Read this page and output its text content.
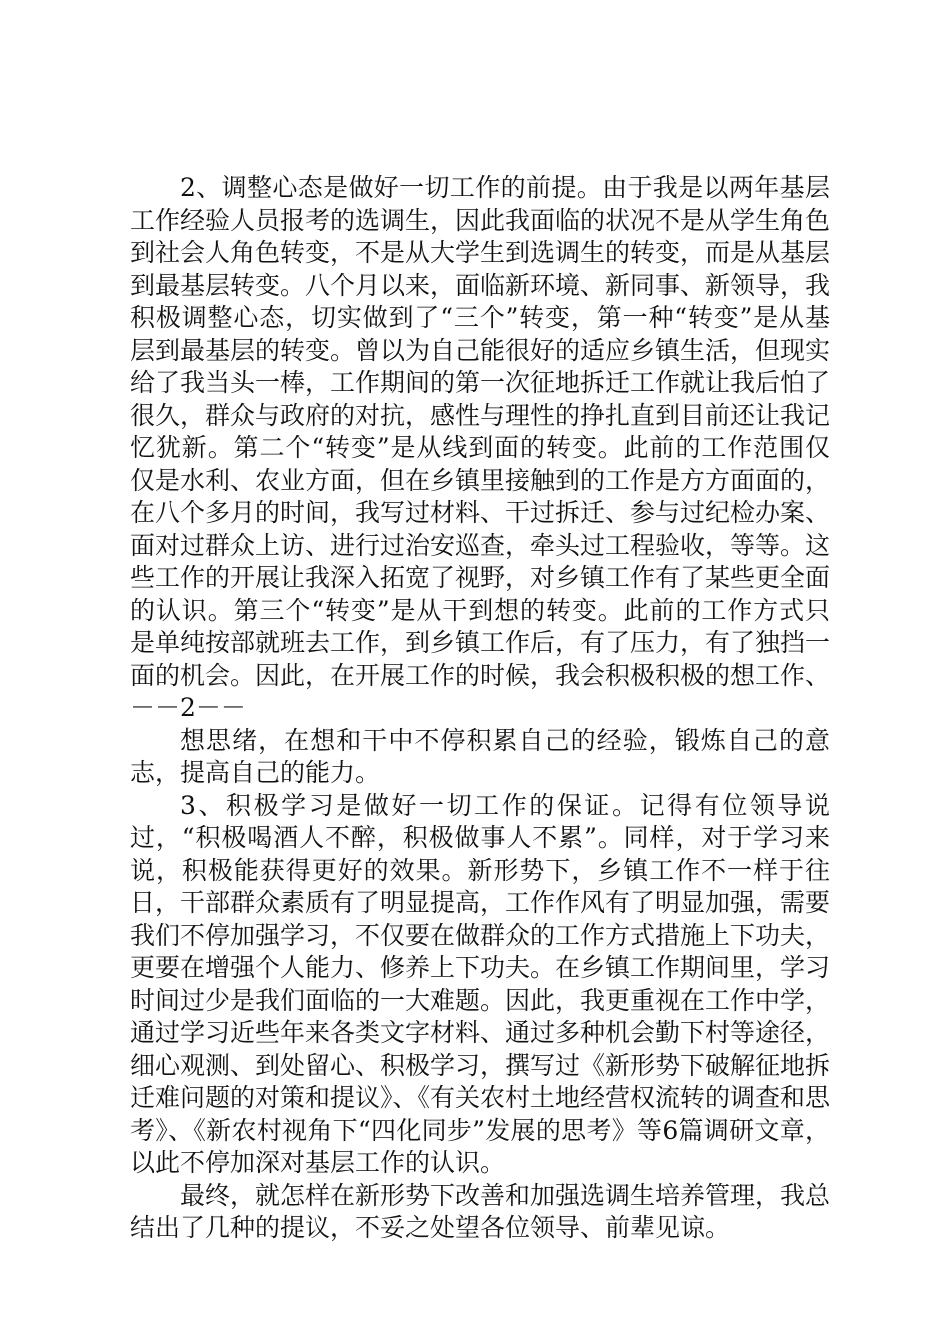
2、调整心态是做好一切工作的前提。由于我是以两年基层工作经验人员报考的选调生，因此我面临的状况不是从学生角色到社会人角色转变，不是从大学生到选调生的转变，而是从基层到最基层转变。八个月以来，面临新环境、新同事、新领导，我积极调整心态，切实做到了“三个”转变，第一种“转变”是从基层到最基层的转变。曾以为自己能很好的适应乡镇生活，但现实给了我当头一棒，工作期间的第一次征地拆迁工作就让我后怕了很久，群众与政府的对抗，感性与理性的挣扎直到目前还让我记忆犹新。第二个“转变”是从线到面的转变。此前的工作范围仅仅是水利、农业方面，但在乡镇里接触到的工作是方方面面的，在八个多月的时间，我写过材料、干过拆迁、参与过纪检办案、面对过群众上访、进行过治安巡查，牵头过工程验收，等等。这些工作的开展让我深入拓宽了视野，对乡镇工作有了某些更全面的认识。第三个“转变”是从干到想的转变。此前的工作方式只是单纯按部就班去工作，到乡镇工作后，有了压力，有了独挡一面的机会。因此，在开展工作的时候，我会积极积极的想工作、－－2－－

想思绪，在想和干中不停积累自己的经验，锻炼自己的意志，提高自己的能力。

3、积极学习是做好一切工作的保证。记得有位领导说过，“积极喝酒人不醉，积极做事人不累”。同样，对于学习来说，积极能获得更好的效果。新形势下，乡镇工作不一样于往日，干部群众素质有了明显提高，工作作风有了明显加强，需要我们不停加强学习，不仅要在做群众的工作方式措施上下功夫，更要在增强个人能力、修养上下功夫。在乡镇工作期间里，学习时间过少是我们面临的一大难题。因此，我更重视在工作中学，通过学习近些年来各类文字材料、通过多种机会勤下村等途径，细心观测、到处留心、积极学习，撰写过《新形势下破解征地拆迁难问题的对策和提议》、《有关农村土地经营权流转的调查和思考》、《新农村视角下“四化同步”发展的思考》等6篇调研文章，以此不停加深对基层工作的认识。

最终，就怎样在新形势下改善和加强选调生培养管理，我总结出了几种的提议，不妥之处望各位领导、前辈见谅。
